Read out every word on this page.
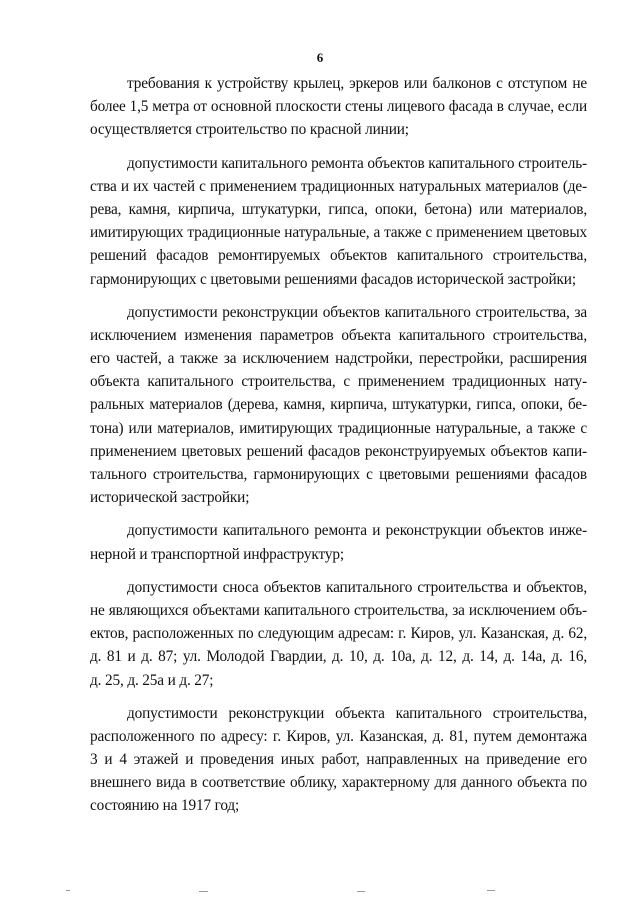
6
требования к устройству крылец, эркеров или балконов с отступом не
более 1,5 метра от основной плоскости стены лицевого фасада в случае, если
осуществляется строительство по красной линии;
допустимости капитального ремонта объектов капитального строитель-
ства и их частей с применением традиционных натуральных материалов (де-
рева, камня, кирпича, штукатурки, гипса, опоки, бетона) или материалов,
имитирующих традиционные натуральные, а также с применением цветовых
решений фасадов ремонтируемых объектов капитального строительства,
гармонирующих с цветовыми решениями фасадов исторической застройки;
допустимости реконструкции объектов капитального строительства, за
исключением изменения параметров объекта капитального строительства,
его частей, а также за исключением надстройки, перестройки, расширения
объекта капитального строительства, с применением традиционных нату-
ральных материалов (дерева, камня, кирпича, штукатурки, гипса, опоки, бе-
тона) или материалов, имитирующих традиционные натуральные, а также с
применением цветовых решений фасадов реконструируемых объектов капи-
тального строительства, гармонирующих с цветовыми решениями фасадов
исторической застройки;
допустимости капитального ремонта и реконструкции объектов инже-
нерной и транспортной инфраструктур;
допустимости сноса объектов капитального строительства и объектов,
не являющихся объектами капитального строительства, за исключением объ-
ектов, расположенных по следующим адресам: г. Киров, ул. Казанская, д. 62,
д. 81 и д. 87; ул. Молодой Гвардии, д. 10, д. 10а, д. 12, д. 14, д. 14а, д. 16,
д. 25, д. 25а и д. 27;
допустимости реконструкции объекта капитального строительства,
расположенного по адресу: г. Киров, ул. Казанская, д. 81, путем демонтажа
3 и 4 этажей и проведения иных работ, направленных на приведение его
внешнего вида в соответствие облику, характерному для данного объекта по
состоянию на 1917 год;
